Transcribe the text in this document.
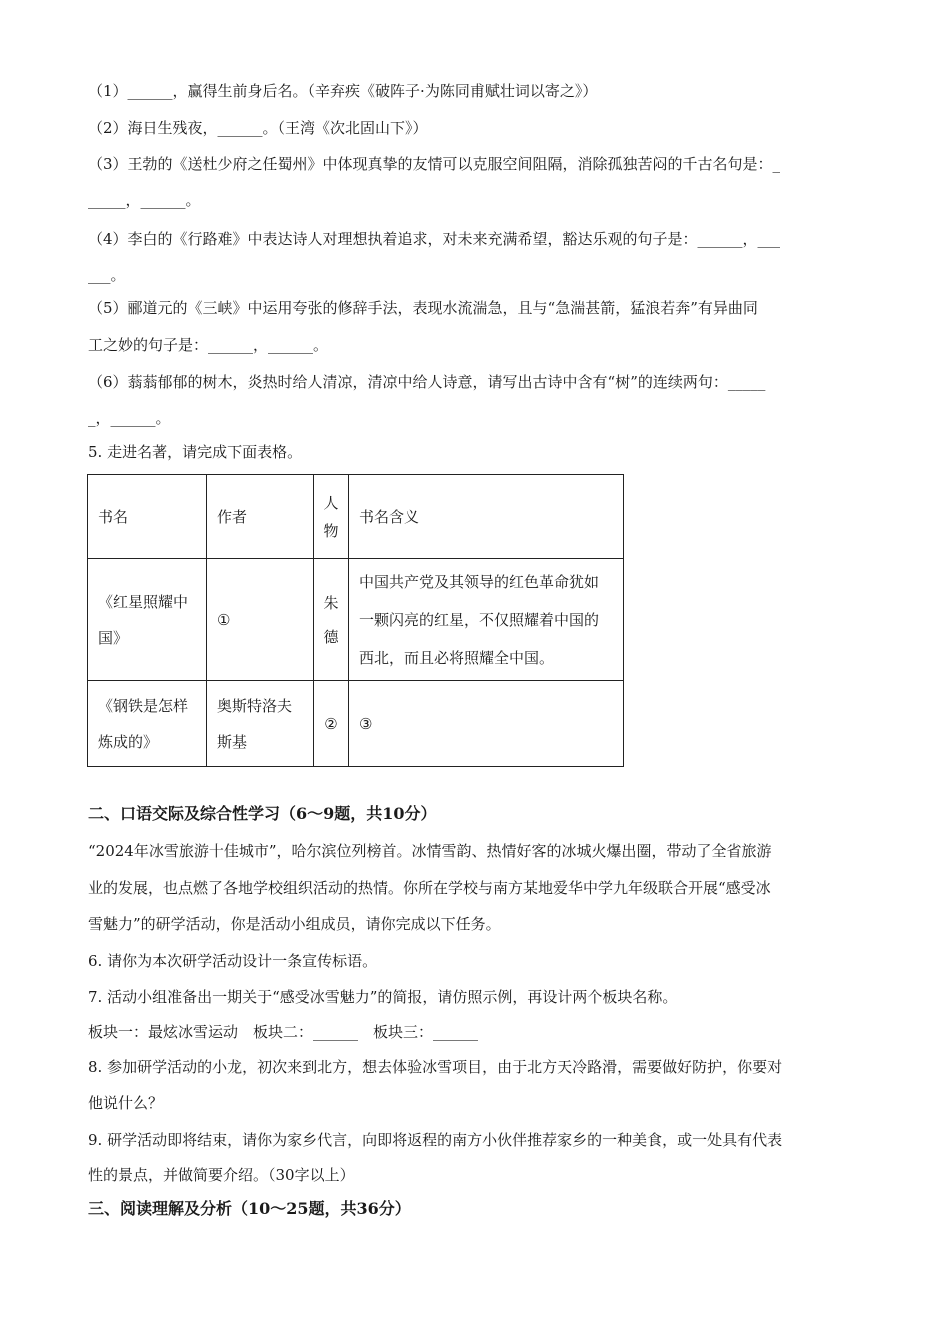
（1）______，赢得生前身后名。（辛弃疾《破阵子·为陈同甫赋壮词以寄之》）
（2）海日生残夜，______。（王湾《次北固山下》）
（3）王勃的《送杜少府之任蜀州》中体现真挚的友情可以克服空间阻隔，消除孤独苦闷的千古名句是：_
_____，______。
（4）李白的《行路难》中表达诗人对理想执着追求，对未来充满希望，豁达乐观的句子是：______，___
___。
（5）郦道元的《三峡》中运用夸张的修辞手法，表现水流湍急，且与“急湍甚箭，猛浪若奔”有异曲同
工之妙的句子是：______，______。
（6）蓊蓊郁郁的树木，炎热时给人清凉，清凉中给人诗意，请写出古诗中含有“树”的连续两句：_____
_，______。
5. 走进名著，请完成下面表格。
书名	作者	人物	书名含义
《红星照耀中国》	①	朱德	中国共产党及其领导的红色革命犹如一颗闪亮的红星，不仅照耀着中国的西北，而且必将照耀全中国。
《钢铁是怎样炼成的》	奥斯特洛夫斯基	②	③
二、口语交际及综合性学习（6～9题，共10分）
“2024年冰雪旅游十佳城市”，哈尔滨位列榜首。冰情雪韵、热情好客的冰城火爆出圈，带动了全省旅游
业的发展，也点燃了各地学校组织活动的热情。你所在学校与南方某地爱华中学九年级联合开展“感受冰
雪魅力”的研学活动，你是活动小组成员，请你完成以下任务。
6. 请你为本次研学活动设计一条宣传标语。
7. 活动小组准备出一期关于“感受冰雪魅力”的简报，请仿照示例，再设计两个板块名称。
板块一：最炫冰雪运动　板块二：______　板块三：______
8. 参加研学活动的小龙，初次来到北方，想去体验冰雪项目，由于北方天冷路滑，需要做好防护，你要对
他说什么？
9. 研学活动即将结束，请你为家乡代言，向即将返程的南方小伙伴推荐家乡的一种美食，或一处具有代表
性的景点，并做简要介绍。（30字以上）
三、阅读理解及分析（10～25题，共36分）
